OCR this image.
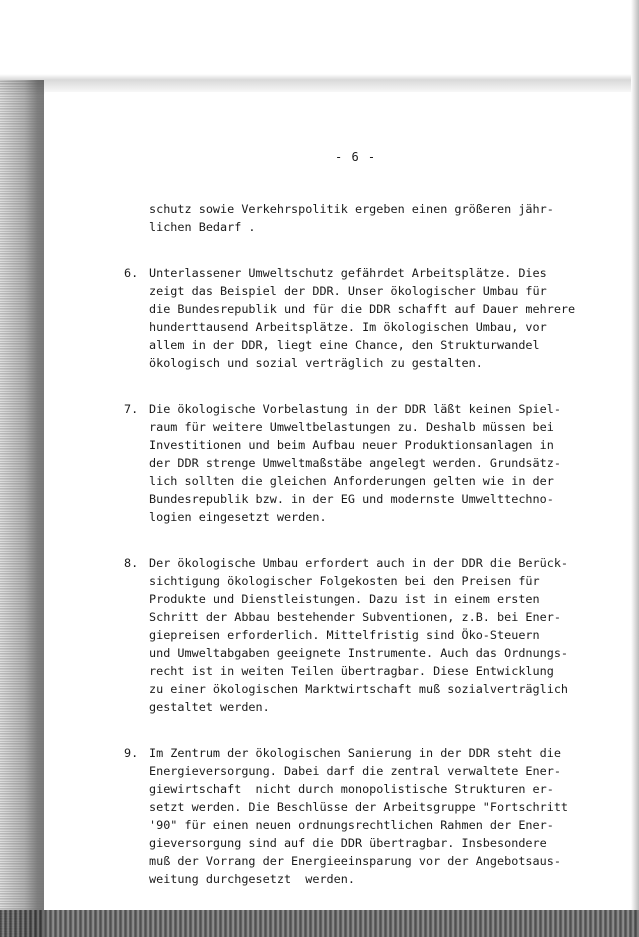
- 6 -
schutz sowie Verkehrspolitik ergeben einen größeren jähr-
lichen Bedarf .
6. Unterlassener Umweltschutz gefährdet Arbeitsplätze. Dies
zeigt das Beispiel der DDR. Unser ökologischer Umbau für
die Bundesrepublik und für die DDR schafft auf Dauer mehrere
hunderttausend Arbeitsplätze. Im ökologischen Umbau, vor
allem in der DDR, liegt eine Chance, den Strukturwandel
ökologisch und sozial verträglich zu gestalten.
7. Die ökologische Vorbelastung in der DDR läßt keinen Spiel-
raum für weitere Umweltbelastungen zu. Deshalb müssen bei
Investitionen und beim Aufbau neuer Produktionsanlagen in
der DDR strenge Umweltmaßstäbe angelegt werden. Grundsätz-
lich sollten die gleichen Anforderungen gelten wie in der
Bundesrepublik bzw. in der EG und modernste Umwelttechno-
logien eingesetzt werden.
8. Der ökologische Umbau erfordert auch in der DDR die Berück-
sichtigung ökologischer Folgekosten bei den Preisen für
Produkte und Dienstleistungen. Dazu ist in einem ersten
Schritt der Abbau bestehender Subventionen, z.B. bei Ener-
giepreisen erforderlich. Mittelfristig sind Öko-Steuern
und Umweltabgaben geeignete Instrumente. Auch das Ordnungs-
recht ist in weiten Teilen übertragbar. Diese Entwicklung
zu einer ökologischen Marktwirtschaft muß sozialverträglich
gestaltet werden.
9. Im Zentrum der ökologischen Sanierung in der DDR steht die
Energieversorgung. Dabei darf die zentral verwaltete Ener-
giewirtschaft  nicht durch monopolistische Strukturen er-
setzt werden. Die Beschlüsse der Arbeitsgruppe "Fortschritt
'90" für einen neuen ordnungsrechtlichen Rahmen der Ener-
gieversorgung sind auf die DDR übertragbar. Insbesondere
muß der Vorrang der Energieeinsparung vor der Angebotsaus-
weitung durchgesetzt  werden.
